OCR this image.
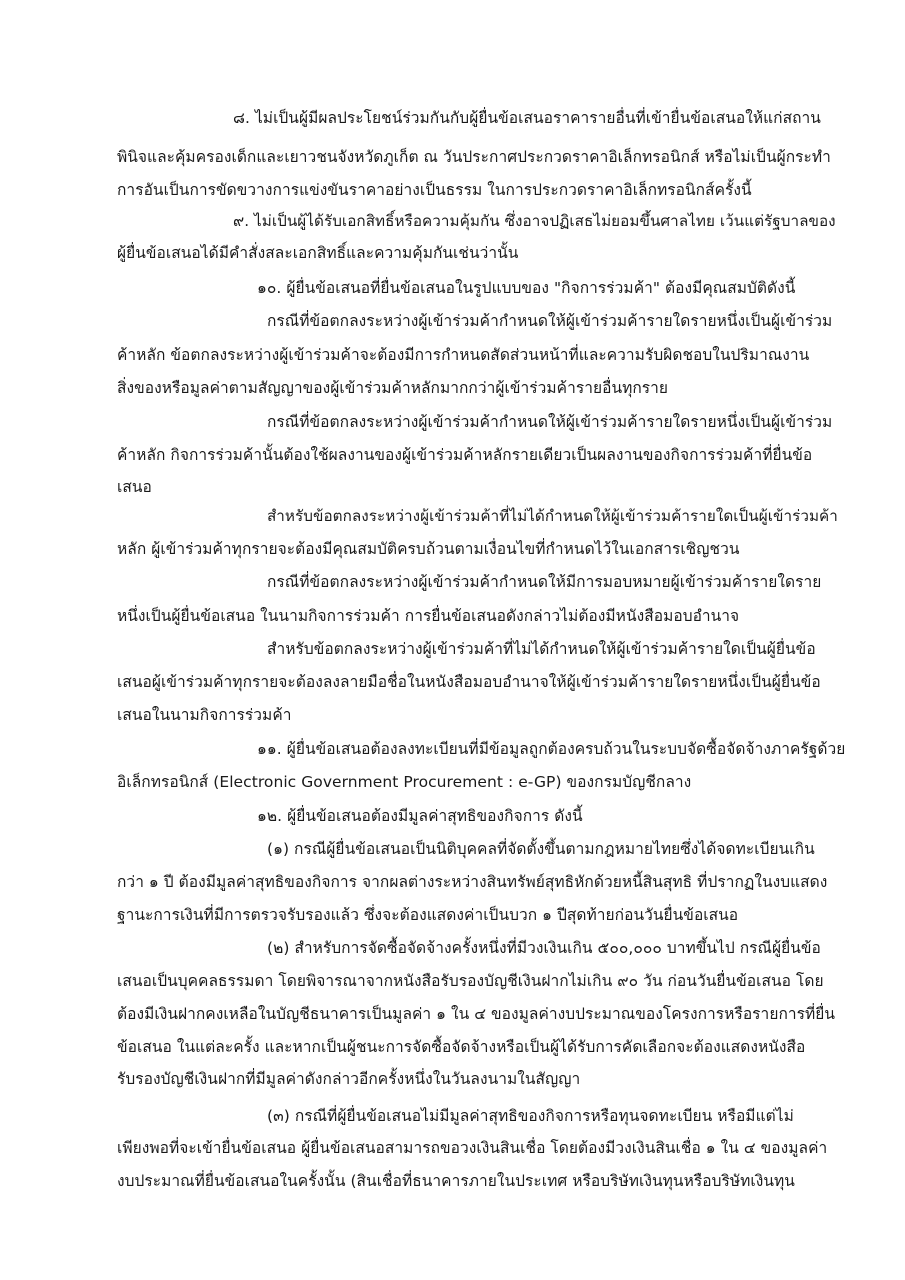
๘. ไม่เป็นผู้มีผลประโยชน์ร่วมกันกับผู้ยื่นข้อเสนอราคารายอื่นที่เข้ายื่นข้อเสนอให้แก่สถาน
พินิจและคุ้มครองเด็กและเยาวชนจังหวัดภูเก็ต ณ วันประกาศประกวดราคาอิเล็กทรอนิกส์ หรือไม่เป็นผู้กระทำ
การอันเป็นการขัดขวางการแข่งขันราคาอย่างเป็นธรรม ในการประกวดราคาอิเล็กทรอนิกส์ครั้งนี้
๙. ไม่เป็นผู้ได้รับเอกสิทธิ์หรือความคุ้มกัน ซึ่งอาจปฏิเสธไม่ยอมขึ้นศาลไทย เว้นแต่รัฐบาลของ
ผู้ยื่นข้อเสนอได้มีคำสั่งสละเอกสิทธิ์และความคุ้มกันเช่นว่านั้น
๑๐. ผู้ยื่นข้อเสนอที่ยื่นข้อเสนอในรูปแบบของ "กิจการร่วมค้า" ต้องมีคุณสมบัติดังนี้
กรณีที่ข้อตกลงระหว่างผู้เข้าร่วมค้ากำหนดให้ผู้เข้าร่วมค้ารายใดรายหนึ่งเป็นผู้เข้าร่วม
ค้าหลัก ข้อตกลงระหว่างผู้เข้าร่วมค้าจะต้องมีการกำหนดสัดส่วนหน้าที่และความรับผิดชอบในปริมาณงาน
สิ่งของหรือมูลค่าตามสัญญาของผู้เข้าร่วมค้าหลักมากกว่าผู้เข้าร่วมค้ารายอื่นทุกราย
กรณีที่ข้อตกลงระหว่างผู้เข้าร่วมค้ากำหนดให้ผู้เข้าร่วมค้ารายใดรายหนึ่งเป็นผู้เข้าร่วม
ค้าหลัก กิจการร่วมค้านั้นต้องใช้ผลงานของผู้เข้าร่วมค้าหลักรายเดียวเป็นผลงานของกิจการร่วมค้าที่ยื่นข้อ
เสนอ
สำหรับข้อตกลงระหว่างผู้เข้าร่วมค้าที่ไม่ได้กำหนดให้ผู้เข้าร่วมค้ารายใดเป็นผู้เข้าร่วมค้า
หลัก ผู้เข้าร่วมค้าทุกรายจะต้องมีคุณสมบัติครบถ้วนตามเงื่อนไขที่กำหนดไว้ในเอกสารเชิญชวน
กรณีที่ข้อตกลงระหว่างผู้เข้าร่วมค้ากำหนดให้มีการมอบหมายผู้เข้าร่วมค้ารายใดราย
หนึ่งเป็นผู้ยื่นข้อเสนอ ในนามกิจการร่วมค้า การยื่นข้อเสนอดังกล่าวไม่ต้องมีหนังสือมอบอำนาจ
สำหรับข้อตกลงระหว่างผู้เข้าร่วมค้าที่ไม่ได้กำหนดให้ผู้เข้าร่วมค้ารายใดเป็นผู้ยื่นข้อ
เสนอผู้เข้าร่วมค้าทุกรายจะต้องลงลายมือชื่อในหนังสือมอบอำนาจให้ผู้เข้าร่วมค้ารายใดรายหนึ่งเป็นผู้ยื่นข้อ
เสนอในนามกิจการร่วมค้า
๑๑. ผู้ยื่นข้อเสนอต้องลงทะเบียนที่มีข้อมูลถูกต้องครบถ้วนในระบบจัดซื้อจัดจ้างภาครัฐด้วย
อิเล็กทรอนิกส์ (Electronic Government Procurement : e-GP) ของกรมบัญชีกลาง
๑๒. ผู้ยื่นข้อเสนอต้องมีมูลค่าสุทธิของกิจการ ดังนี้
(๑) กรณีผู้ยื่นข้อเสนอเป็นนิติบุคคลที่จัดตั้งขึ้นตามกฎหมายไทยซึ่งได้จดทะเบียนเกิน
กว่า ๑ ปี ต้องมีมูลค่าสุทธิของกิจการ จากผลต่างระหว่างสินทรัพย์สุทธิหักด้วยหนี้สินสุทธิ ที่ปรากฏในงบแสดง
ฐานะการเงินที่มีการตรวจรับรองแล้ว ซึ่งจะต้องแสดงค่าเป็นบวก ๑ ปีสุดท้ายก่อนวันยื่นข้อเสนอ
(๒) สำหรับการจัดซื้อจัดจ้างครั้งหนึ่งที่มีวงเงินเกิน ๕๐๐,๐๐๐ บาทขึ้นไป กรณีผู้ยื่นข้อ
เสนอเป็นบุคคลธรรมดา โดยพิจารณาจากหนังสือรับรองบัญชีเงินฝากไม่เกิน ๙๐ วัน ก่อนวันยื่นข้อเสนอ โดย
ต้องมีเงินฝากคงเหลือในบัญชีธนาคารเป็นมูลค่า ๑ ใน ๔ ของมูลค่างบประมาณของโครงการหรือรายการที่ยื่น
ข้อเสนอ ในแต่ละครั้ง และหากเป็นผู้ชนะการจัดซื้อจัดจ้างหรือเป็นผู้ได้รับการคัดเลือกจะต้องแสดงหนังสือ
รับรองบัญชีเงินฝากที่มีมูลค่าดังกล่าวอีกครั้งหนึ่งในวันลงนามในสัญญา
(๓) กรณีที่ผู้ยื่นข้อเสนอไม่มีมูลค่าสุทธิของกิจการหรือทุนจดทะเบียน หรือมีแต่ไม่
เพียงพอที่จะเข้ายื่นข้อเสนอ ผู้ยื่นข้อเสนอสามารถขอวงเงินสินเชื่อ โดยต้องมีวงเงินสินเชื่อ ๑ ใน ๔ ของมูลค่า
งบประมาณที่ยื่นข้อเสนอในครั้งนั้น (สินเชื่อที่ธนาคารภายในประเทศ หรือบริษัทเงินทุนหรือบริษัทเงินทุน
